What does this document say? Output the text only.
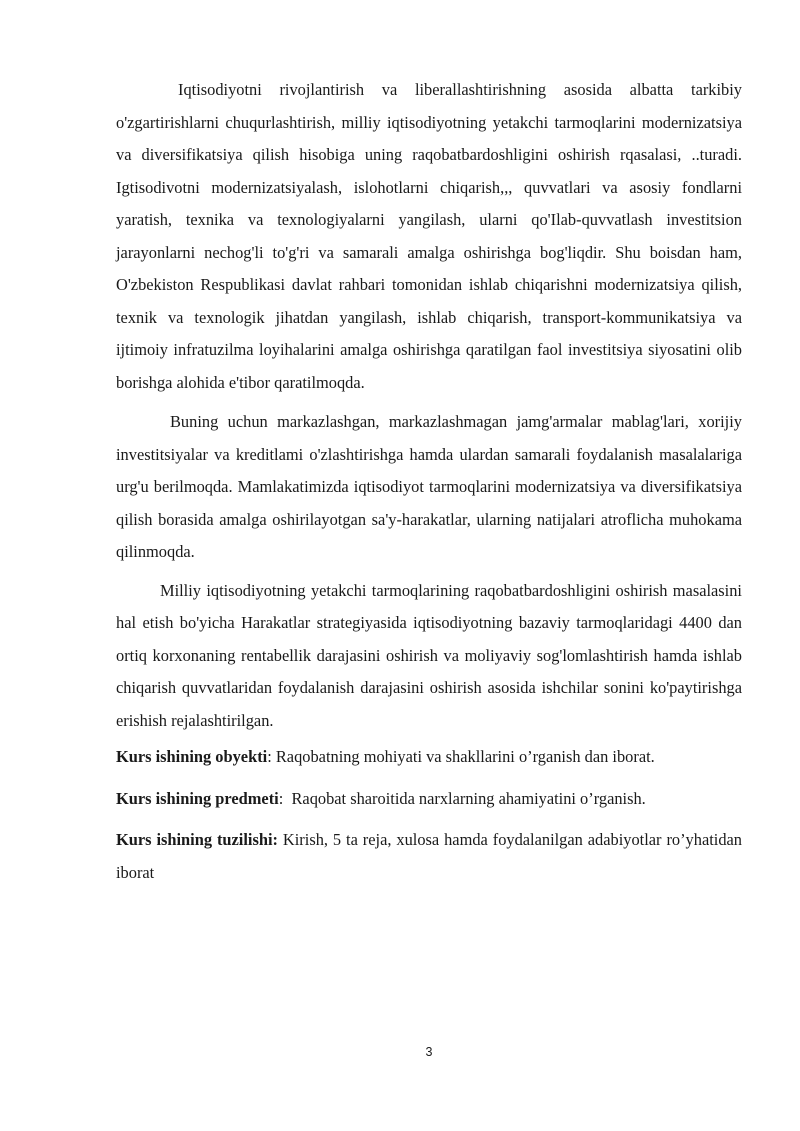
Iqtisodiyotni rivojlantirish va liberallashtirishning asosida albatta tarkibiy o'zgartirishlarni chuqurlashtirish, milliy iqtisodiyotning yetakchi tarmoqlarini modernizatsiya va diversifikatsiya qilish hisobiga uning raqobatbardoshligini oshirish rqasalasi, ..turadi. Igtisodivotni modernizatsiyalash, islohotlarni chiqarish,,, quvvatlari va asosiy fondlarni yaratish, texnika va texnologiyalarni yangilash, ularni qo'Ilab-quvvatlash investitsion jarayonlarni nechog'li to'g'ri va samarali amalga oshirishga bog'liqdir. Shu boisdan ham, O'zbekiston Respublikasi davlat rahbari tomonidan ishlab chiqarishni modernizatsiya qilish, texnik va texnologik jihatdan yangilash, ishlab chiqarish, transport-kommunikatsiya va ijtimoiy infratuzilma loyihalarini amalga oshirishga qaratilgan faol investitsiya siyosatini olib borishga alohida e'tibor qaratilmoqda.

Buning uchun markazlashgan, markazlashmagan jamg'armalar mablag'lari, xorijiy investitsiyalar va kreditlami o'zlashtirishga hamda ulardan samarali foydalanish masalalariga urg'u berilmoqda. Mamlakatimizda iqtisodiyot tarmoqlarini modernizatsiya va diversifikatsiya qilish borasida amalga oshirilayotgan sa'y-harakatlar, ularning natijalari atroflicha muhokama qilinmoqda.

Milliy iqtisodiyotning yetakchi tarmoqlarining raqobatbardoshligini oshirish masalasini hal etish bo'yicha Harakatlar strategiyasida iqtisodiyotning bazaviy tarmoqlaridagi 4400 dan ortiq korxonaning rentabellik darajasini oshirish va moliyaviy sog'lomlashtirish hamda ishlab chiqarish quvvatlaridan foydalanish darajasini oshirish asosida ishchilar sonini ko'paytirishga erishish rejalashtirilgan.

Kurs ishining obyekti: Raqobatning mohiyati va shakllarini o’rganish dan iborat.

Kurs ishining predmeti:  Raqobat sharoitida narxlarning ahamiyatini o’rganish.

Kurs ishining tuzilishi: Kirish, 5 ta reja, xulosa hamda foydalanilgan adabiyotlar ro’yhatidan iborat

3
